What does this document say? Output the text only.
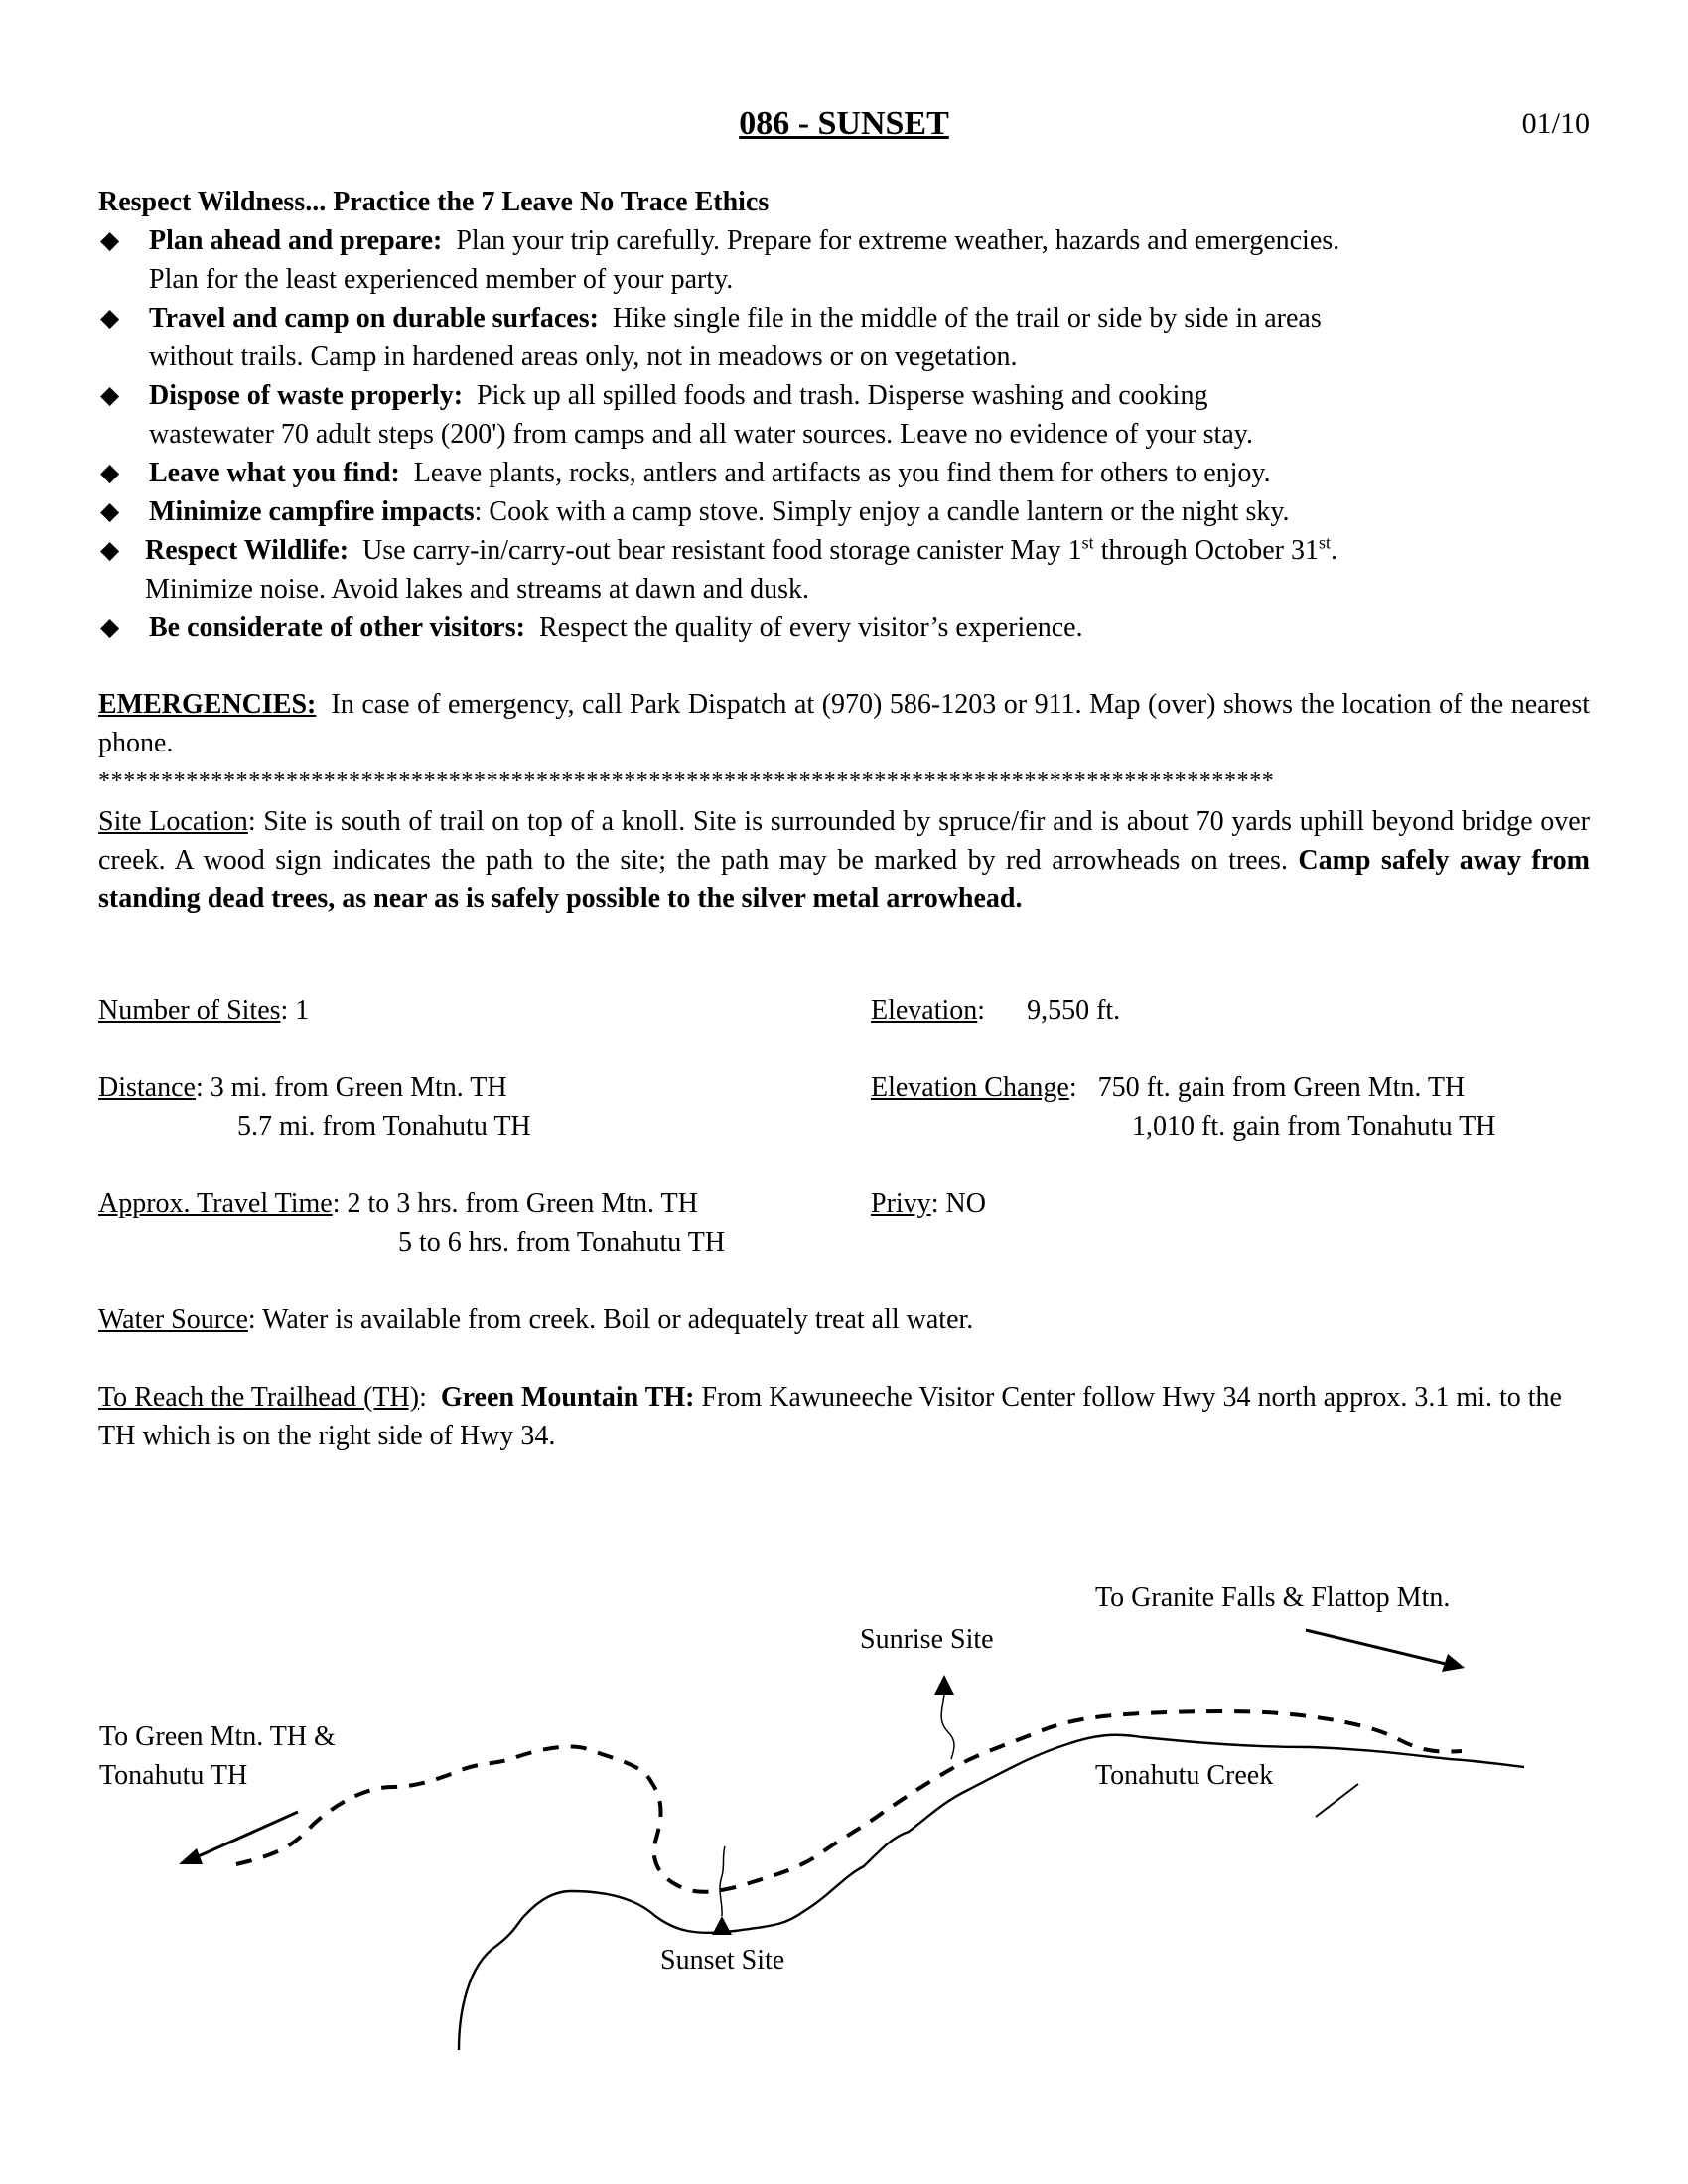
086 - SUNSET	01/10
Respect Wildness... Practice the 7 Leave No Trace Ethics
◆ Plan ahead and prepare: Plan your trip carefully. Prepare for extreme weather, hazards and emergencies.
Plan for the least experienced member of your party.
◆ Travel and camp on durable surfaces: Hike single file in the middle of the trail or side by side in areas
without trails. Camp in hardened areas only, not in meadows or on vegetation.
◆ Dispose of waste properly: Pick up all spilled foods and trash. Disperse washing and cooking
wastewater 70 adult steps (200') from camps and all water sources. Leave no evidence of your stay.
◆ Leave what you find: Leave plants, rocks, antlers and artifacts as you find them for others to enjoy.
◆ Minimize campfire impacts: Cook with a camp stove. Simply enjoy a candle lantern or the night sky.
◆ Respect Wildlife: Use carry-in/carry-out bear resistant food storage canister May 1st through October 31st.
Minimize noise. Avoid lakes and streams at dawn and dusk.
◆ Be considerate of other visitors: Respect the quality of every visitor’s experience.
EMERGENCIES: In case of emergency, call Park Dispatch at (970) 586-1203 or 911. Map (over) shows the location of the nearest phone.
**********************************************************************************************
Site Location: Site is south of trail on top of a knoll. Site is surrounded by spruce/fir and is about 70 yards uphill beyond bridge over creek. A wood sign indicates the path to the site; the path may be marked by red arrowheads on trees. Camp safely away from standing dead trees, as near as is safely possible to the silver metal arrowhead.
Number of Sites: 1	Elevation:      9,550 ft.
Distance: 3 mi. from Green Mtn. TH
5.7 mi. from Tonahutu TH
Elevation Change:   750 ft. gain from Green Mtn. TH
1,010 ft. gain from Tonahutu TH
Approx. Travel Time: 2 to 3 hrs. from Green Mtn. TH
5 to 6 hrs. from Tonahutu TH
Privy: NO
Water Source: Water is available from creek. Boil or adequately treat all water.
To Reach the Trailhead (TH):  Green Mountain TH: From Kawuneeche Visitor Center follow Hwy 34 north approx. 3.1 mi. to the TH which is on the right side of Hwy 34.
To Granite Falls & Flattop Mtn.
Sunrise Site
To Green Mtn. TH &
Tonahutu TH	Tonahutu Creek
Sunset Site
